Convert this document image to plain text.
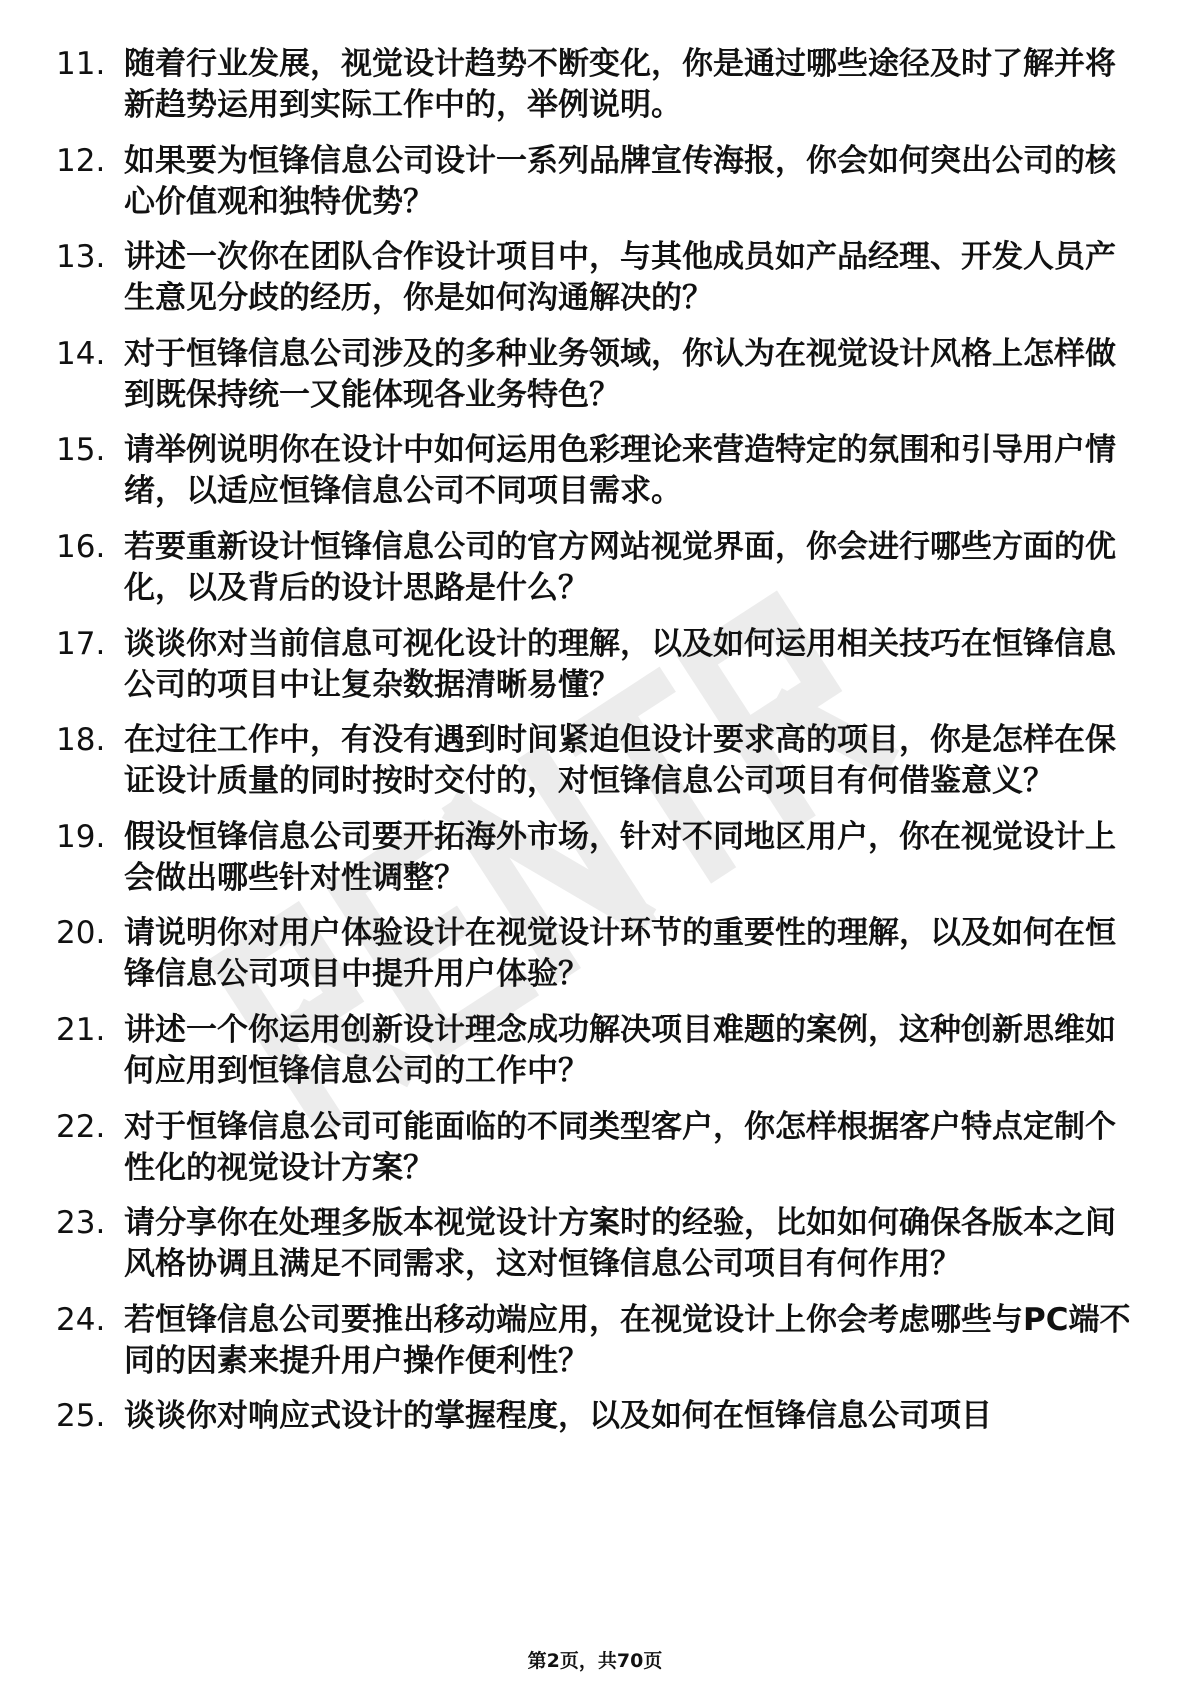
11. 随着行业发展，视觉设计趋势不断变化，你是通过哪些途径及时了解并将新趋势运用到实际工作中的，举例说明。
12. 如果要为恒锋信息公司设计一系列品牌宣传海报，你会如何突出公司的核心价值观和独特优势？
13. 讲述一次你在团队合作设计项目中，与其他成员如产品经理、开发人员产生意见分歧的经历，你是如何沟通解决的？
14. 对于恒锋信息公司涉及的多种业务领域，你认为在视觉设计风格上怎样做到既保持统一又能体现各业务特色？
15. 请举例说明你在设计中如何运用色彩理论来营造特定的氛围和引导用户情绪，以适应恒锋信息公司不同项目需求。
16. 若要重新设计恒锋信息公司的官方网站视觉界面，你会进行哪些方面的优化，以及背后的设计思路是什么？
17. 谈谈你对当前信息可视化设计的理解，以及如何运用相关技巧在恒锋信息公司的项目中让复杂数据清晰易懂？
18. 在过往工作中，有没有遇到时间紧迫但设计要求高的项目，你是怎样在保证设计质量的同时按时交付的，对恒锋信息公司项目有何借鉴意义？
19. 假设恒锋信息公司要开拓海外市场，针对不同地区用户，你在视觉设计上会做出哪些针对性调整？
20. 请说明你对用户体验设计在视觉设计环节的重要性的理解，以及如何在恒锋信息公司项目中提升用户体验？
21. 讲述一个你运用创新设计理念成功解决项目难题的案例，这种创新思维如何应用到恒锋信息公司的工作中？
22. 对于恒锋信息公司可能面临的不同类型客户，你怎样根据客户特点定制个性化的视觉设计方案？
23. 请分享你在处理多版本视觉设计方案时的经验，比如如何确保各版本之间风格协调且满足不同需求，这对恒锋信息公司项目有何作用？
24. 若恒锋信息公司要推出移动端应用，在视觉设计上你会考虑哪些与PC端不同的因素来提升用户操作便利性？
25. 谈谈你对响应式设计的掌握程度，以及如何在恒锋信息公司项目
第2页，共70页
